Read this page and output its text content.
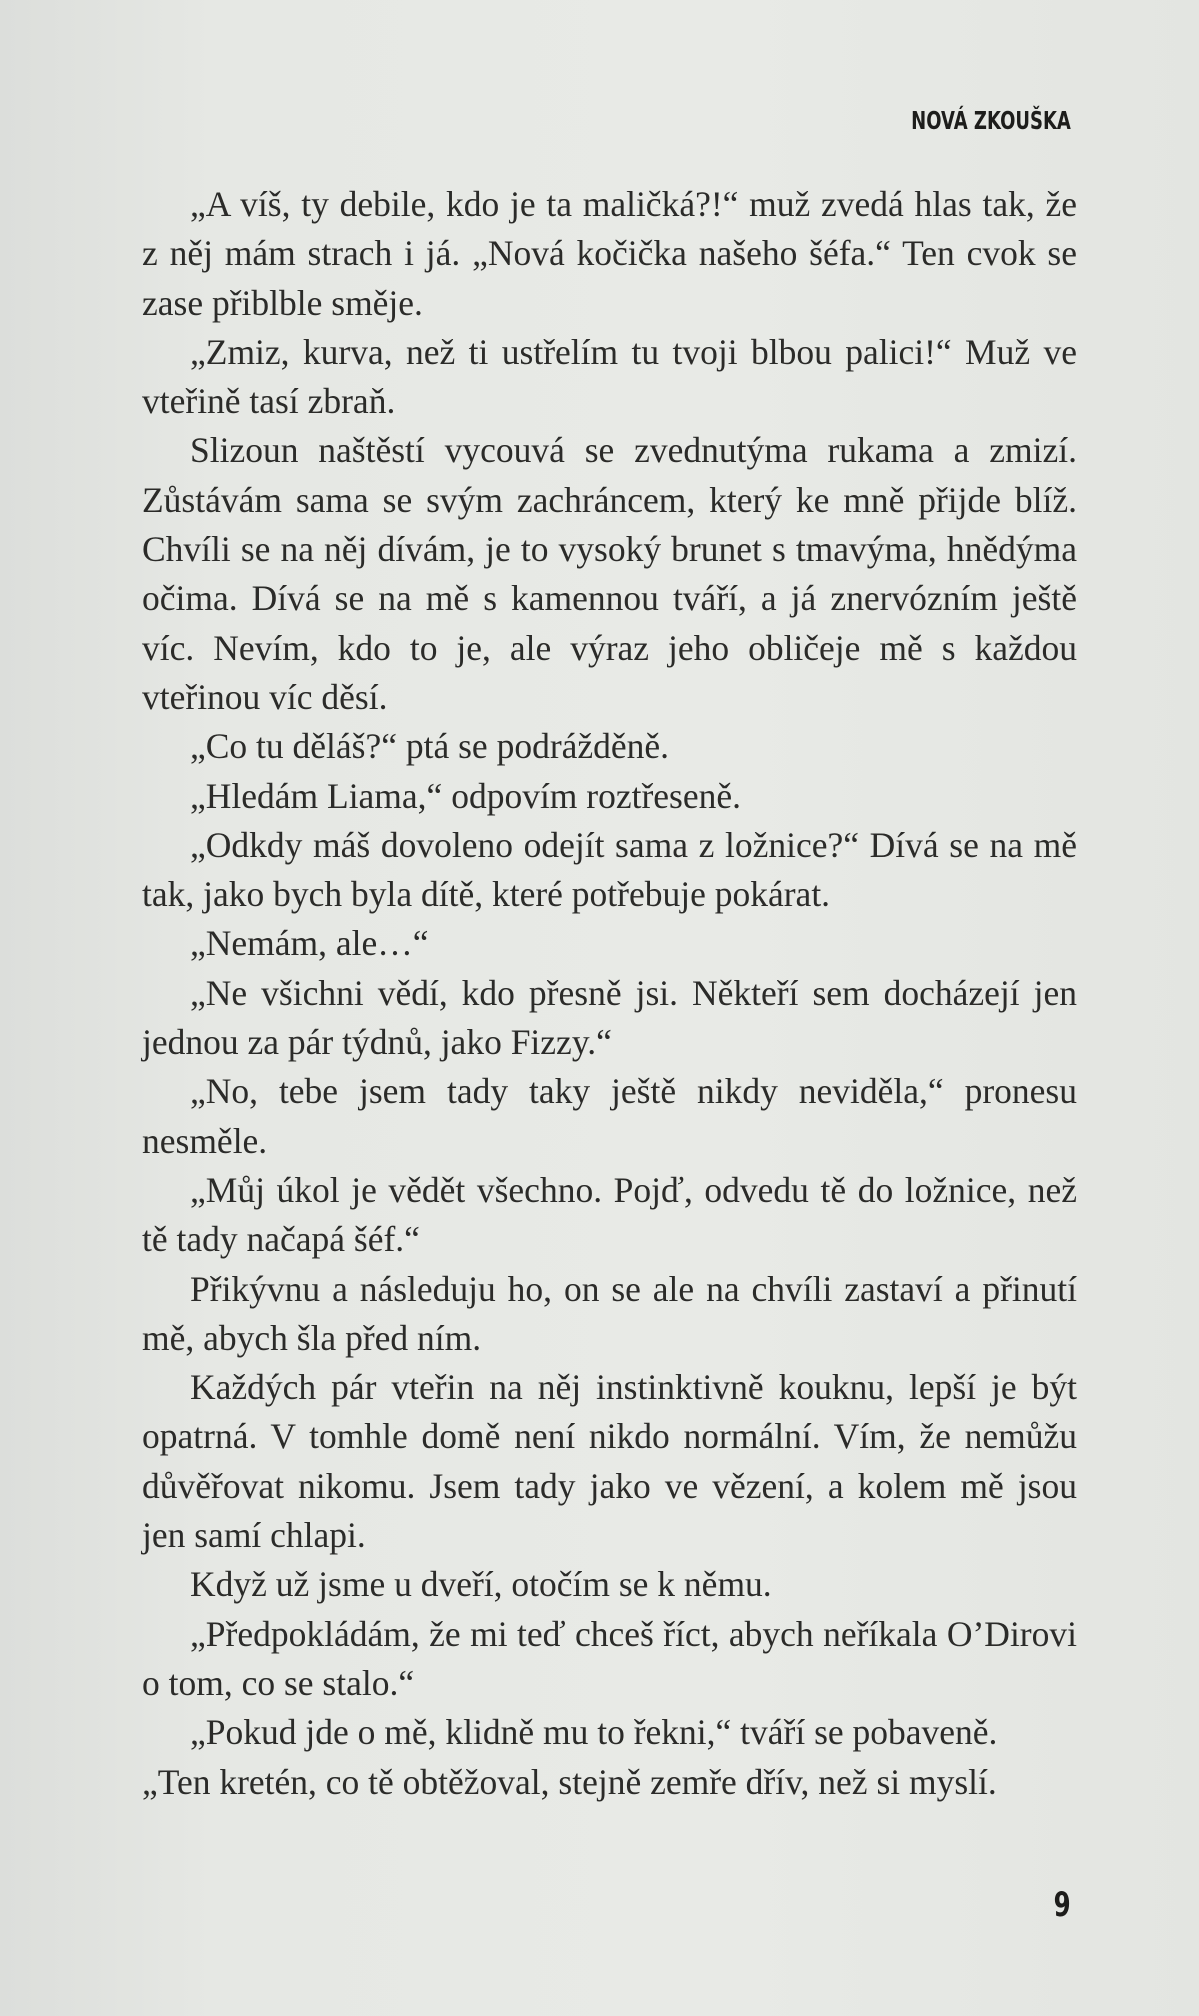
NOVÁ ZKOUŠKA

„A víš, ty debile, kdo je ta maličká?!“ muž zvedá hlas tak, že z něj mám strach i já. „Nová kočička našeho šéfa.“ Ten cvok se zase přiblble směje.

„Zmiz, kurva, než ti ustřelím tu tvoji blbou palici!“ Muž ve vteřině tasí zbraň.

Slizoun naštěstí vycouvá se zvednutýma rukama a zmizí. Zůstávám sama se svým zachráncem, který ke mně přijde blíž. Chvíli se na něj dívám, je to vysoký brunet s tmavýma, hnědýma očima. Dívá se na mě s kamennou tváří, a já znervózním ještě víc. Nevím, kdo to je, ale výraz jeho obličeje mě s každou vteřinou víc děsí.

„Co tu děláš?“ ptá se podrážděně.

„Hledám Liama,“ odpovím roztřeseně.

„Odkdy máš dovoleno odejít sama z ložnice?“ Dívá se na mě tak, jako bych byla dítě, které potřebuje pokárat.

„Nemám, ale…“

„Ne všichni vědí, kdo přesně jsi. Někteří sem docházejí jen jednou za pár týdnů, jako Fizzy.“

„No, tebe jsem tady taky ještě nikdy neviděla,“ pronesu nesměle.

„Můj úkol je vědět všechno. Pojď, odvedu tě do ložnice, než tě tady načapá šéf.“

Přikývnu a následuju ho, on se ale na chvíli zastaví a přinutí mě, abych šla před ním.

Každých pár vteřin na něj instinktivně kouknu, lepší je být opatrná. V tomhle domě není nikdo normální. Vím, že nemůžu důvěřovat nikomu. Jsem tady jako ve vězení, a kolem mě jsou jen samí chlapi.

Když už jsme u dveří, otočím se k němu.

„Předpokládám, že mi teď chceš říct, abych neříkala O’Dirovi o tom, co se stalo.“

„Pokud jde o mě, klidně mu to řekni,“ tváří se pobaveně.

„Ten kretén, co tě obtěžoval, stejně zemře dřív, než si myslí.

9
